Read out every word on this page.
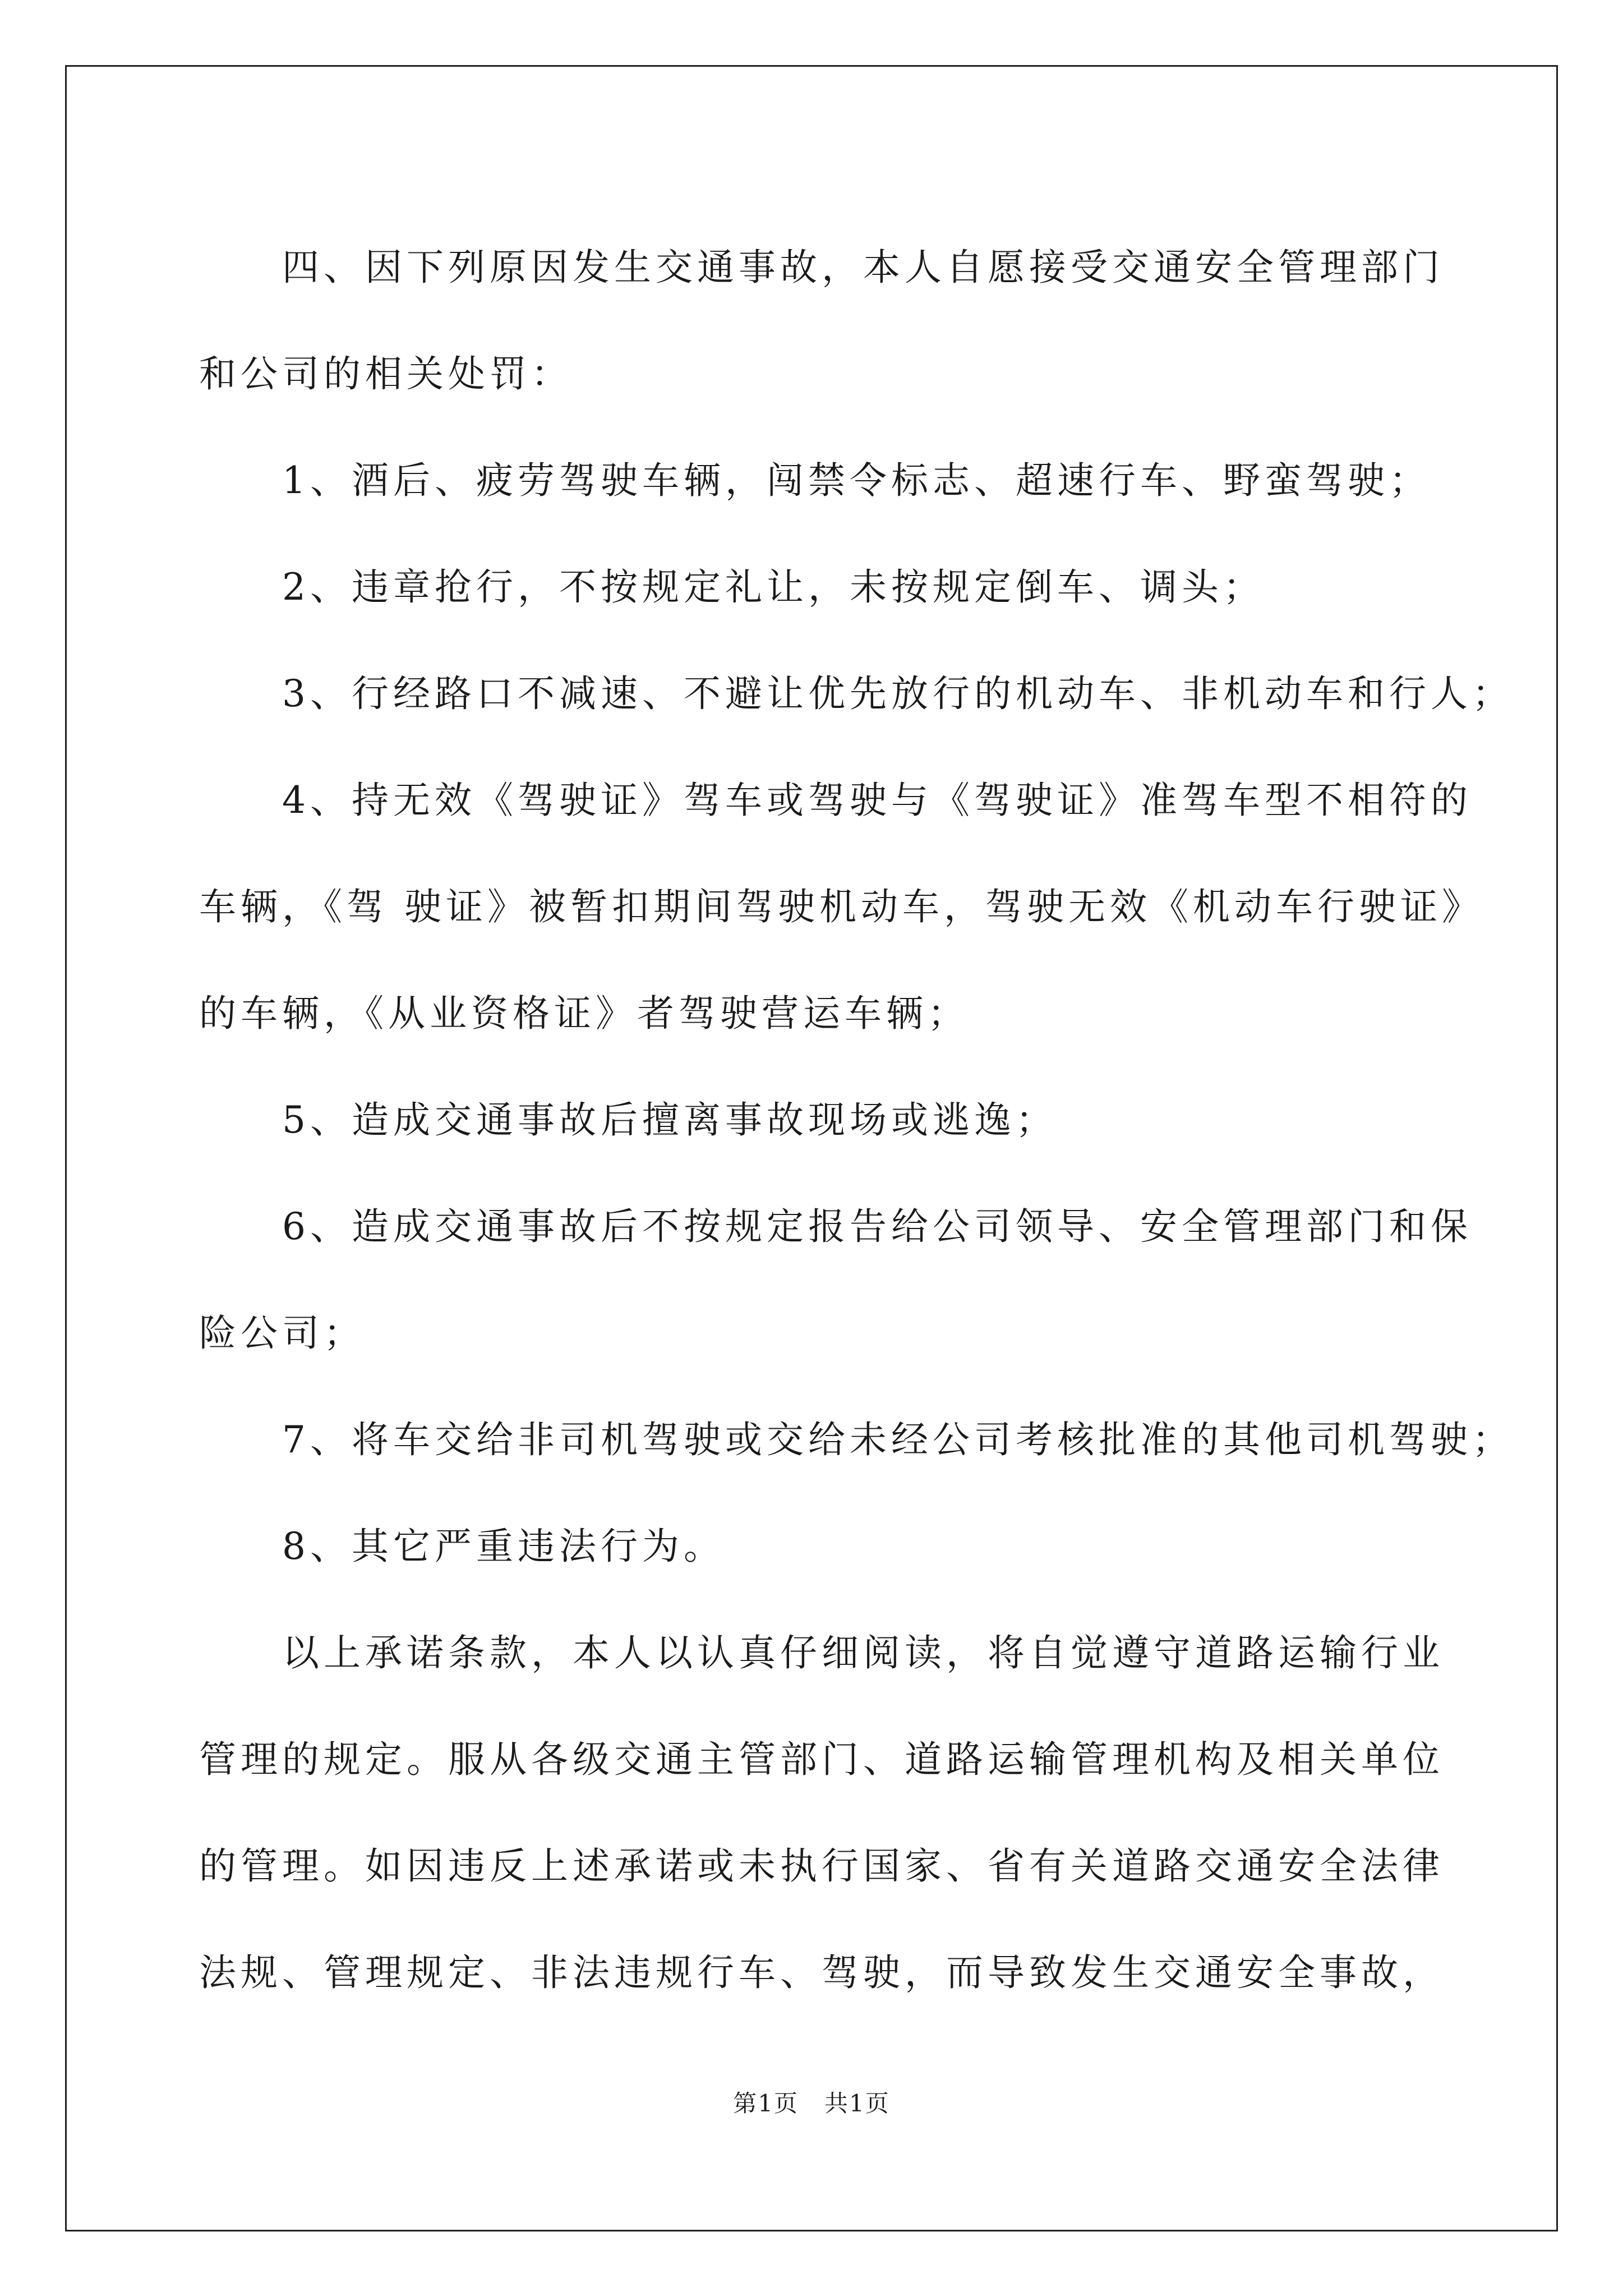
四、因下列原因发生交通事故，本人自愿接受交通安全管理部门

和公司的相关处罚：

1、酒后、疲劳驾驶车辆，闯禁令标志、超速行车、野蛮驾驶；

2、违章抢行，不按规定礼让，未按规定倒车、调头；

3、行经路口不减速、不避让优先放行的机动车、非机动车和行人；

4、持无效《驾驶证》驾车或驾驶与《驾驶证》准驾车型不相符的

车辆，《驾 驶证》被暂扣期间驾驶机动车，驾驶无效《机动车行驶证》

的车辆，《从业资格证》者驾驶营运车辆；

5、造成交通事故后擅离事故现场或逃逸；

6、造成交通事故后不按规定报告给公司领导、安全管理部门和保

险公司；

7、将车交给非司机驾驶或交给未经公司考核批准的其他司机驾驶；

8、其它严重违法行为。

以上承诺条款，本人以认真仔细阅读，将自觉遵守道路运输行业

管理的规定。服从各级交通主管部门、道路运输管理机构及相关单位

的管理。如因违反上述承诺或未执行国家、省有关道路交通安全法律

法规、管理规定、非法违规行车、驾驶，而导致发生交通安全事故，

第1页   共1页
